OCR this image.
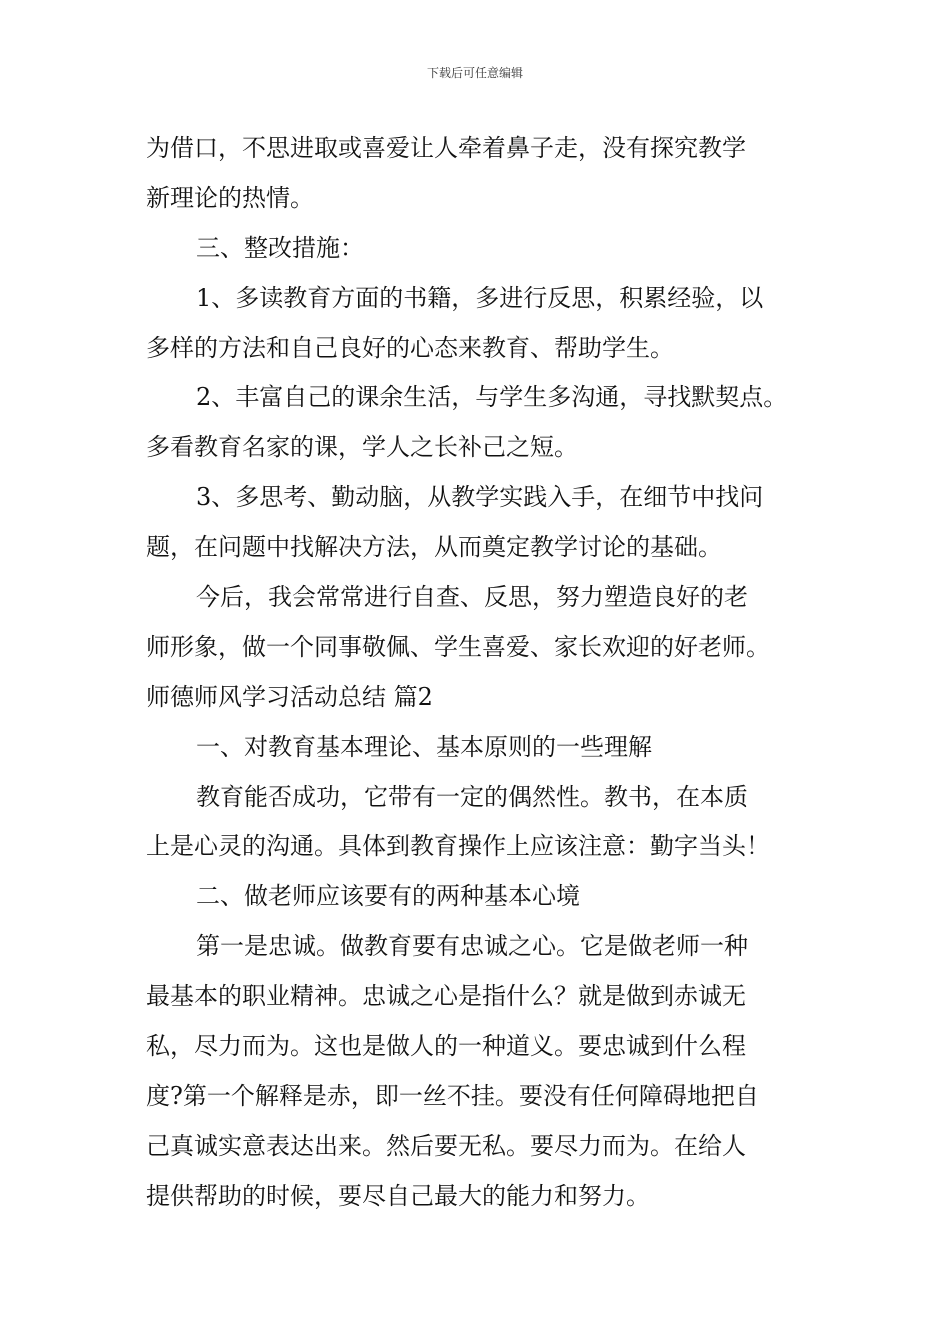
下载后可任意编辑
为借口，不思进取或喜爱让人牵着鼻子走，没有探究教学
新理论的热情。
三、整改措施：
1、多读教育方面的书籍，多进行反思，积累经验，以
多样的方法和自己良好的心态来教育、帮助学生。
2、丰富自己的课余生活，与学生多沟通，寻找默契点。
多看教育名家的课，学人之长补己之短。
3、多思考、勤动脑，从教学实践入手，在细节中找问
题，在问题中找解决方法，从而奠定教学讨论的基础。
今后，我会常常进行自查、反思，努力塑造良好的老
师形象，做一个同事敬佩、学生喜爱、家长欢迎的好老师。
师德师风学习活动总结 篇2
一、对教育基本理论、基本原则的一些理解
教育能否成功，它带有一定的偶然性。教书，在本质
上是心灵的沟通。具体到教育操作上应该注意：勤字当头！
二、做老师应该要有的两种基本心境
第一是忠诚。做教育要有忠诚之心。它是做老师一种
最基本的职业精神。忠诚之心是指什么？就是做到赤诚无
私，尽力而为。这也是做人的一种道义。要忠诚到什么程
度?第一个解释是赤，即一丝不挂。要没有任何障碍地把自
己真诚实意表达出来。然后要无私。要尽力而为。在给人
提供帮助的时候，要尽自己最大的能力和努力。
